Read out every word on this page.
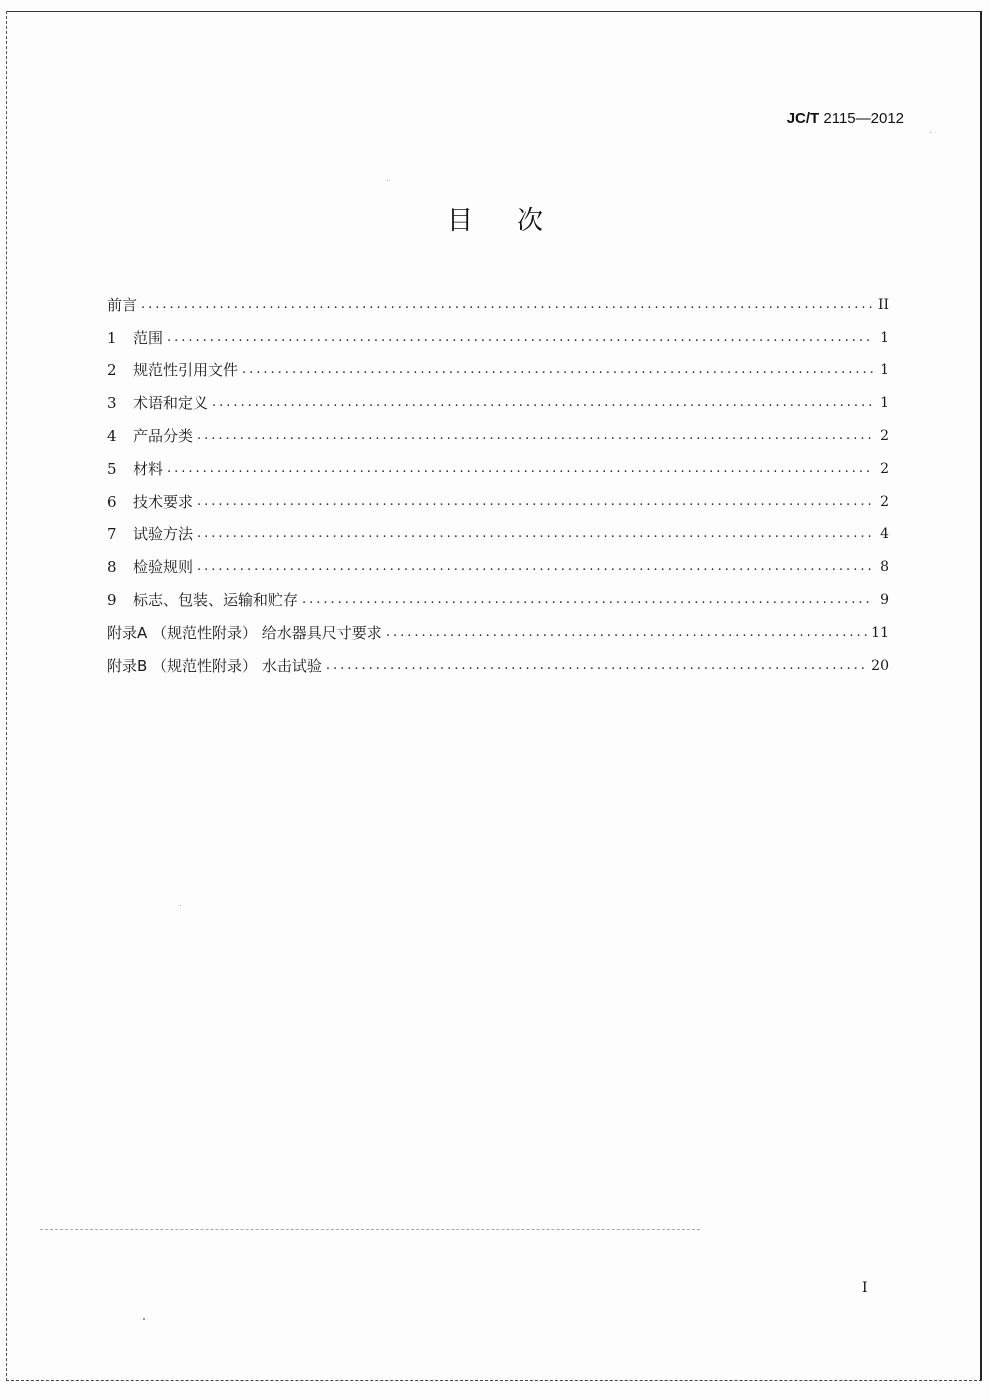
JC/T 2115—2012
目次
前言 .....	II
1	范围 .....	1
2	规范性引用文件 .....	1
3	术语和定义 .....	1
4	产品分类 .....	2
5	材料 .....	2
6	技术要求 .....	2
7	试验方法 .....	4
8	检验规则 .....	8
9	标志、包装、运输和贮存 .....	9
附录A （规范性附录） 给水器具尺寸要求 .....	11
附录B （规范性附录） 水击试验 .....	20
I
